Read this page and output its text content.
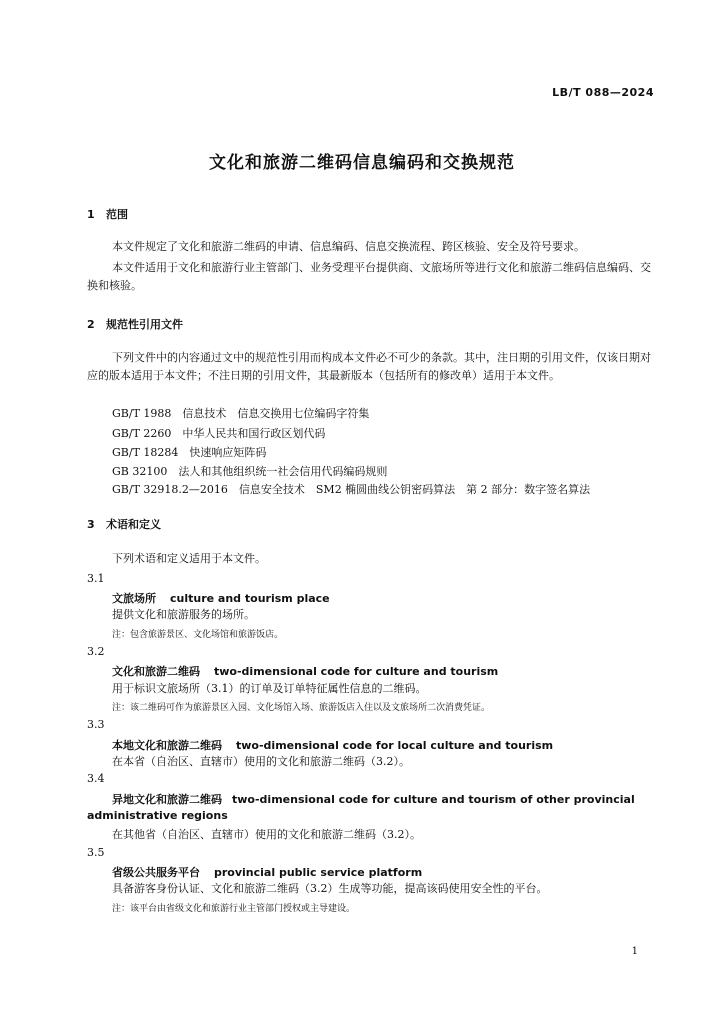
LB/T 088—2024
文化和旅游二维码信息编码和交换规范
1 范围
本文件规定了文化和旅游二维码的申请、信息编码、信息交换流程、跨区核验、安全及符号要求。
本文件适用于文化和旅游行业主管部门、业务受理平台提供商、文旅场所等进行文化和旅游二维码信息编码、交换和核验。
2 规范性引用文件
下列文件中的内容通过文中的规范性引用而构成本文件必不可少的条款。其中，注日期的引用文件，仅该日期对应的版本适用于本文件；不注日期的引用文件，其最新版本（包括所有的修改单）适用于本文件。
GB/T 1988　信息技术　信息交换用七位编码字符集
GB/T 2260　中华人民共和国行政区划代码
GB/T 18284　快速响应矩阵码
GB 32100　法人和其他组织统一社会信用代码编码规则
GB/T 32918.2—2016　信息安全技术　SM2 椭圆曲线公钥密码算法　第 2 部分：数字签名算法
3 术语和定义
下列术语和定义适用于本文件。
3.1
文旅场所 culture and tourism place
提供文化和旅游服务的场所。
注：包含旅游景区、文化场馆和旅游饭店。
3.2
文化和旅游二维码 two-dimensional code for culture and tourism
用于标识文旅场所（3.1）的订单及订单特征属性信息的二维码。
注：该二维码可作为旅游景区入园、文化场馆入场、旅游饭店入住以及文旅场所二次消费凭证。
3.3
本地文化和旅游二维码 two-dimensional code for local culture and tourism
在本省（自治区、直辖市）使用的文化和旅游二维码（3.2）。
3.4
异地文化和旅游二维码 two-dimensional code for culture and tourism of other provincial
administrative regions
在其他省（自治区、直辖市）使用的文化和旅游二维码（3.2）。
3.5
省级公共服务平台 provincial public service platform
具备游客身份认证、文化和旅游二维码（3.2）生成等功能，提高该码使用安全性的平台。
注：该平台由省级文化和旅游行业主管部门授权或主导建设。
1
